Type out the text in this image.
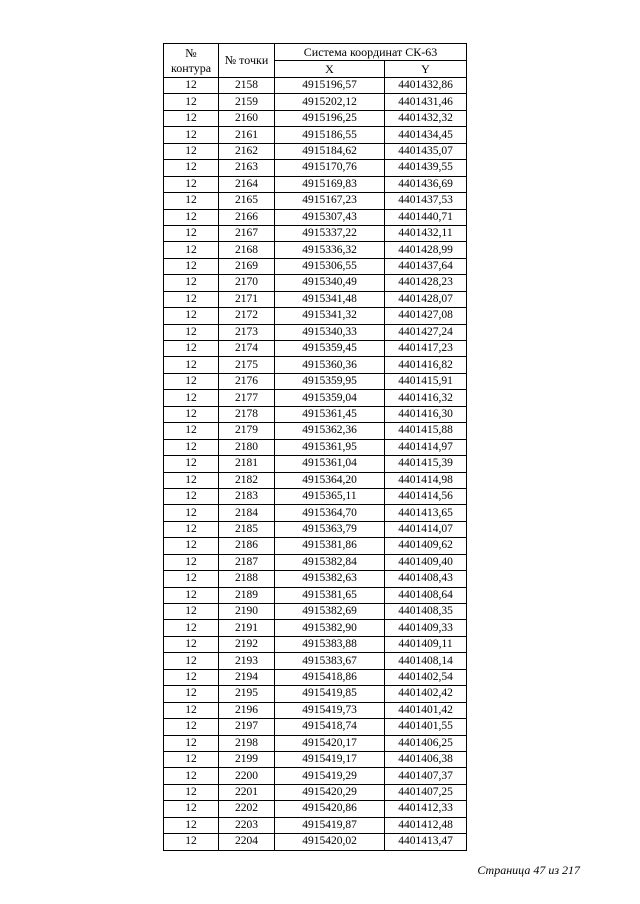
№
контура	№ точки	Система координат СК-63	
		X	Y
12	2158	4915196,57	4401432,86
12	2159	4915202,12	4401431,46
12	2160	4915196,25	4401432,32
12	2161	4915186,55	4401434,45
12	2162	4915184,62	4401435,07
12	2163	4915170,76	4401439,55
12	2164	4915169,83	4401436,69
12	2165	4915167,23	4401437,53
12	2166	4915307,43	4401440,71
12	2167	4915337,22	4401432,11
12	2168	4915336,32	4401428,99
12	2169	4915306,55	4401437,64
12	2170	4915340,49	4401428,23
12	2171	4915341,48	4401428,07
12	2172	4915341,32	4401427,08
12	2173	4915340,33	4401427,24
12	2174	4915359,45	4401417,23
12	2175	4915360,36	4401416,82
12	2176	4915359,95	4401415,91
12	2177	4915359,04	4401416,32
12	2178	4915361,45	4401416,30
12	2179	4915362,36	4401415,88
12	2180	4915361,95	4401414,97
12	2181	4915361,04	4401415,39
12	2182	4915364,20	4401414,98
12	2183	4915365,11	4401414,56
12	2184	4915364,70	4401413,65
12	2185	4915363,79	4401414,07
12	2186	4915381,86	4401409,62
12	2187	4915382,84	4401409,40
12	2188	4915382,63	4401408,43
12	2189	4915381,65	4401408,64
12	2190	4915382,69	4401408,35
12	2191	4915382,90	4401409,33
12	2192	4915383,88	4401409,11
12	2193	4915383,67	4401408,14
12	2194	4915418,86	4401402,54
12	2195	4915419,85	4401402,42
12	2196	4915419,73	4401401,42
12	2197	4915418,74	4401401,55
12	2198	4915420,17	4401406,25
12	2199	4915419,17	4401406,38
12	2200	4915419,29	4401407,37
12	2201	4915420,29	4401407,25
12	2202	4915420,86	4401412,33
12	2203	4915419,87	4401412,48
12	2204	4915420,02	4401413,47
Страница 47 из 217
